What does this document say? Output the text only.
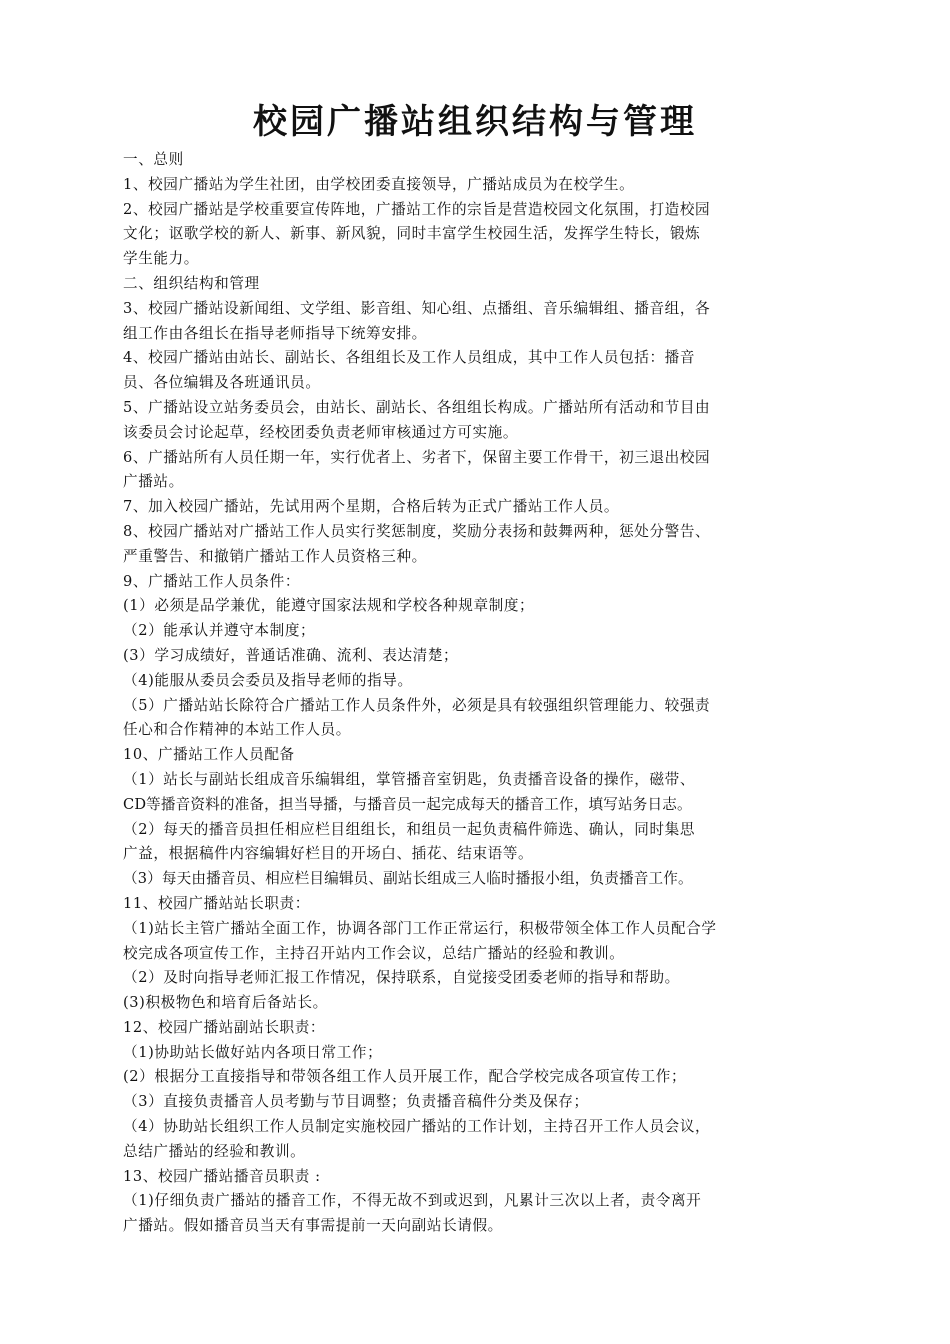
校园广播站组织结构与管理
一、总则
1、校园广播站为学生社团，由学校团委直接领导，广播站成员为在校学生。
2、校园广播站是学校重要宣传阵地，广播站工作的宗旨是营造校园文化氛围，打造校园
文化；讴歌学校的新人、新事、新风貌，同时丰富学生校园生活，发挥学生特长，锻炼
学生能力。
二、组织结构和管理
3、校园广播站设新闻组、文学组、影音组、知心组、点播组、音乐编辑组、播音组，各
组工作由各组长在指导老师指导下统筹安排。
4、校园广播站由站长、副站长、各组组长及工作人员组成，其中工作人员包括：播音
员、各位编辑及各班通讯员。
5、广播站设立站务委员会，由站长、副站长、各组组长构成。广播站所有活动和节目由
该委员会讨论起草，经校团委负责老师审核通过方可实施。
6、广播站所有人员任期一年，实行优者上、劣者下，保留主要工作骨干，初三退出校园
广播站。
7、加入校园广播站，先试用两个星期，合格后转为正式广播站工作人员。
8、校园广播站对广播站工作人员实行奖惩制度，奖励分表扬和鼓舞两种，惩处分警告、
严重警告、和撤销广播站工作人员资格三种。
9、广播站工作人员条件：
(1）必须是品学兼优，能遵守国家法规和学校各种规章制度；
（2）能承认并遵守本制度；
(3）学习成绩好，普通话准确、流利、表达清楚；
（4)能服从委员会委员及指导老师的指导。
（5）广播站站长除符合广播站工作人员条件外，必须是具有较强组织管理能力、较强责
任心和合作精神的本站工作人员。
10、广播站工作人员配备
（1）站长与副站长组成音乐编辑组，掌管播音室钥匙，负责播音设备的操作，磁带、
CD等播音资料的准备，担当导播，与播音员一起完成每天的播音工作，填写站务日志。
（2）每天的播音员担任相应栏目组组长，和组员一起负责稿件筛选、确认，同时集思
广益，根据稿件内容编辑好栏目的开场白、插花、结束语等。
（3）每天由播音员、相应栏目编辑员、副站长组成三人临时播报小组，负责播音工作。
11、校园广播站站长职责：
（1)站长主管广播站全面工作，协调各部门工作正常运行，积极带领全体工作人员配合学
校完成各项宣传工作，主持召开站内工作会议，总结广播站的经验和教训。
（2）及时向指导老师汇报工作情况，保持联系，自觉接受团委老师的指导和帮助。
(3)积极物色和培育后备站长。
12、校园广播站副站长职责：
（1)协助站长做好站内各项日常工作；
(2）根据分工直接指导和带领各组工作人员开展工作，配合学校完成各项宣传工作；
（3）直接负责播音人员考勤与节目调整；负责播音稿件分类及保存；
（4）协助站长组织工作人员制定实施校园广播站的工作计划，主持召开工作人员会议，
总结广播站的经验和教训。
13、校园广播站播音员职责 :
（1)仔细负责广播站的播音工作，不得无故不到或迟到，凡累计三次以上者，责令离开
广播站。假如播音员当天有事需提前一天向副站长请假。
